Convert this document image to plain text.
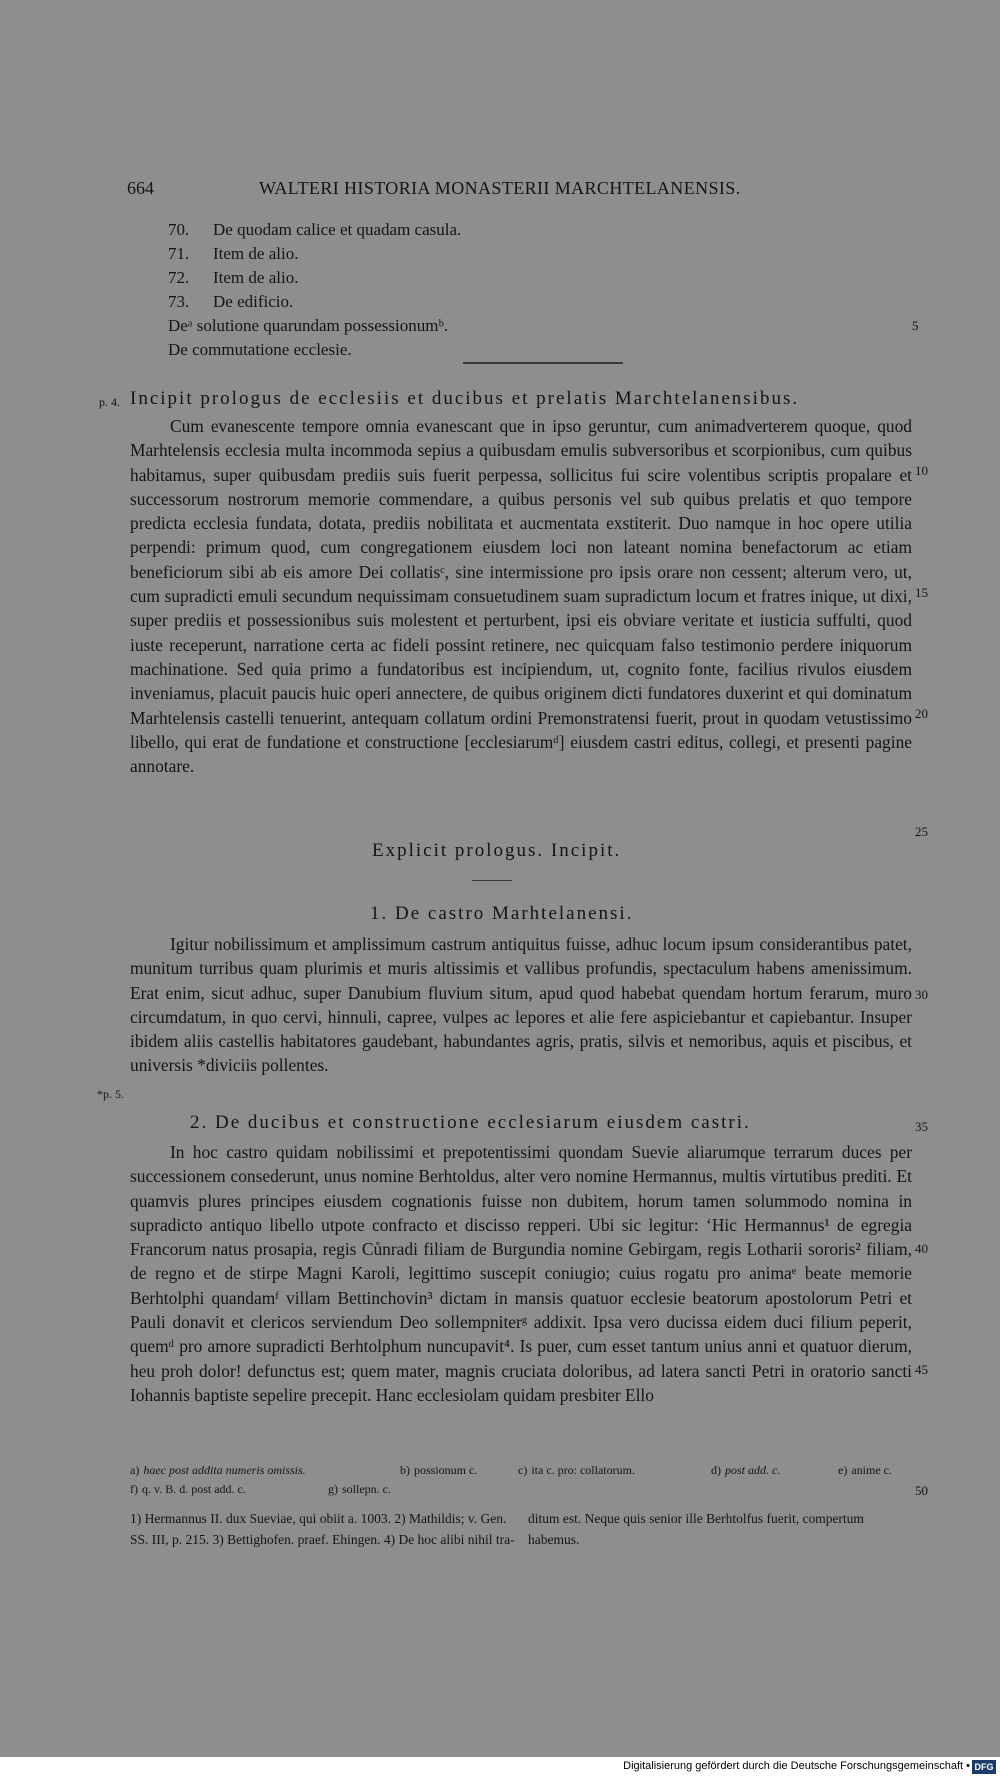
664	WALTERI HISTORIA MONASTERII MARCHTELANENSIS.
70. De quodam calice et quadam casula.
71. Item de alio.
72. Item de alio.
73. De edificio.
Deᵃ solutione quarundam possessionumᵇ.
De commutatione ecclesie.
p. 4. Incipit prologus de ecclesiis et ducibus et prelatis Marchtelanensibus.

Cum evanescente tempore omnia evanescant que in ipso geruntur, cum animadverterem quoque, quod Marhtelensis ecclesia multa incommoda sepius a quibusdam emulis subversoribus et scorpionibus, cum quibus habitamus, super quibusdam prediis suis fuerit perpessa, sollicitus fui scire volentibus scriptis propalare et successorum nostrorum memorie commendare, a quibus personis vel sub quibus prelatis et quo tempore predicta ecclesia fundata, dotata, prediis nobilitata et aucmentata exstiterit. Duo namque in hoc opere utilia perpendi: primum quod, cum congregationem eiusdem loci non lateant nomina benefactorum ac etiam beneficiorum sibi ab eis amore Dei collatisᶜ, sine intermissione pro ipsis orare non cessent; alterum vero, ut, cum supradicti emuli secundum nequissimam consuetudinem suam supradictum locum et fratres inique, ut dixi, super prediis et possessionibus suis molestent et perturbent, ipsi eis obviare veritate et iusticia suffulti, quod iuste receperunt, narratione certa ac fideli possint retinere, nec quicquam falso testimonio perdere iniquorum machinatione. Sed quia primo a fundatoribus est incipiendum, ut, cognito fonte, facilius rivulos eiusdem inveniamus, placuit paucis huic operi annectere, de quibus originem dicti fundatores duxerint et qui dominatum Marhtelensis castelli tenuerint, antequam collatum ordini Premonstratensi fuerit, prout in quodam vetustissimo libello, qui erat de fundatione et constructione [ecclesiarumᵈ] eiusdem castri editus, collegi, et presenti pagine annotare.

Explicit prologus. Incipit.
1. De castro Marhtelanensi.

Igitur nobilissimum et amplissimum castrum antiquitus fuisse, adhuc locum ipsum considerantibus patet, munitum turribus quam plurimis et muris altissimis et vallibus profundis, spectaculum habens amenissimum. Erat enim, sicut adhuc, super Danubium fluvium situm, apud quod habebat quendam hortum ferarum, muro circumdatum, in quo cervi, hinnuli, capree, vulpes ac lepores et alie fere aspiciebantur et capiebantur. Insuper ibidem aliis castellis habitatores gaudebant, habundantes agris, pratis, silvis et nemoribus, aquis et piscibus, et universis *diviciis pollentes.

*p. 5.
2. De ducibus et constructione ecclesiarum eiusdem castri.

In hoc castro quidam nobilissimi et prepotentissimi quondam Suevie aliarumque terrarum duces per successionem consederunt, unus nomine Berhtoldus, alter vero nomine Hermannus, multis virtutibus prediti. Et quamvis plures principes eiusdem cognationis fuisse non dubitem, horum tamen solummodo nomina in supradicto antiquo libello utpote confracto et discisso repperi. Ubi sic legitur: ‘Hic Hermannus¹ de egregia Francorum natus prosapia, regis Cůnradi filiam de Burgundia nomine Gebirgam, regis Lotharii sororis² filiam, de regno et de stirpe Magni Karoli, legittimo suscepit coniugio; cuius rogatu pro animaᵉ beate memorie Berhtolphi quandamᶠ villam Bettinchovin³ dictam in mansis quatuor ecclesie beatorum apostolorum Petri et Pauli donavit et clericos serviendum Deo sollempniterᵍ addixit. Ipsa vero ducissa eidem duci filium peperit, quemᵈ pro amore supradicti Berhtolphum nuncupavit⁴. Is puer, cum esset tantum unius anni et quatuor dierum, heu proh dolor! defunctus est; quem mater, magnis cruciata doloribus, ad latera sancti Petri in oratorio sancti Iohannis baptiste sepelire precepit. Hanc ecclesiolam quidam presbiter Ello

5
10
15
20
25
30
35
40
45
50
a) haec post addita numeris omissis.	b) possionum c.	c) ita c. pro: collatorum.	d) post add. c.	e) anime c.
f) q. v. B. d. post add. c.	g) sollepn. c.
1) Hermannus II. dux Sueviae, qui obiit a. 1003. 2) Mathildis; v. Gen. SS. III, p. 215. 3) Bettighofen. praef. Ehingen. 4) De hoc alibi nihil tra-
ditum est. Neque quis senior ille Berhtolfus fuerit, compertum habemus.
Digitalisierung gefördert durch die Deutsche Forschungsgemeinschaft • DFG
